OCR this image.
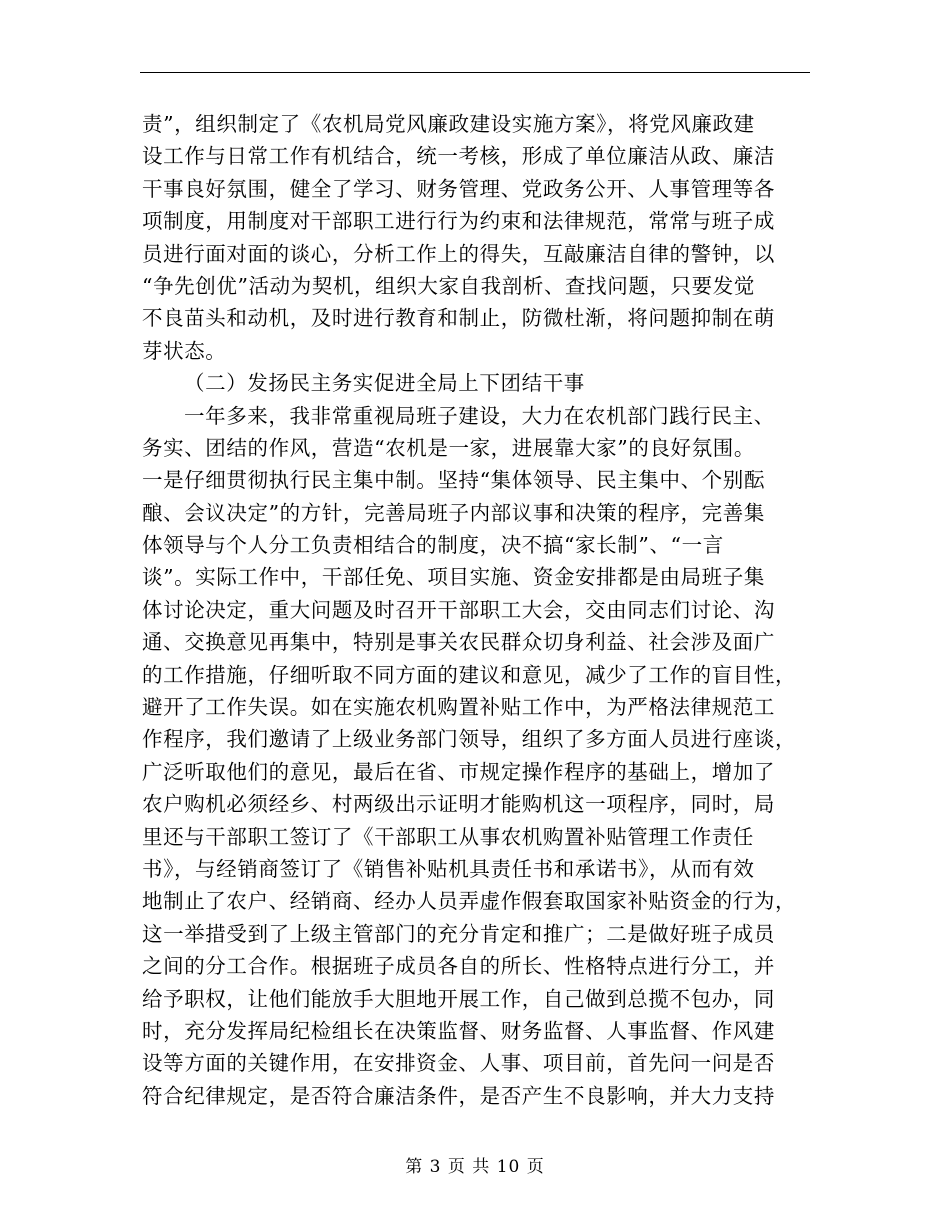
责”，组织制定了《农机局党风廉政建设实施方案》，将党风廉政建
设工作与日常工作有机结合，统一考核，形成了单位廉洁从政、廉洁
干事良好氛围，健全了学习、财务管理、党政务公开、人事管理等各
项制度，用制度对干部职工进行行为约束和法律规范，常常与班子成
员进行面对面的谈心，分析工作上的得失，互敲廉洁自律的警钟，以
“争先创优”活动为契机，组织大家自我剖析、查找问题，只要发觉
不良苗头和动机，及时进行教育和制止，防微杜渐，将问题抑制在萌
芽状态。
（二）发扬民主务实促进全局上下团结干事
一年多来，我非常重视局班子建设，大力在农机部门践行民主、
务实、团结的作风，营造“农机是一家，进展靠大家”的良好氛围。
一是仔细贯彻执行民主集中制。坚持“集体领导、民主集中、个别酝
酿、会议决定”的方针，完善局班子内部议事和决策的程序，完善集
体领导与个人分工负责相结合的制度，决不搞“家长制”、“一言
谈”。实际工作中，干部任免、项目实施、资金安排都是由局班子集
体讨论决定，重大问题及时召开干部职工大会，交由同志们讨论、沟
通、交换意见再集中，特别是事关农民群众切身利益、社会涉及面广
的工作措施，仔细听取不同方面的建议和意见，减少了工作的盲目性，
避开了工作失误。如在实施农机购置补贴工作中，为严格法律规范工
作程序，我们邀请了上级业务部门领导，组织了多方面人员进行座谈，
广泛听取他们的意见，最后在省、市规定操作程序的基础上，增加了
农户购机必须经乡、村两级出示证明才能购机这一项程序，同时，局
里还与干部职工签订了《干部职工从事农机购置补贴管理工作责任
书》，与经销商签订了《销售补贴机具责任书和承诺书》，从而有效
地制止了农户、经销商、经办人员弄虚作假套取国家补贴资金的行为，
这一举措受到了上级主管部门的充分肯定和推广；二是做好班子成员
之间的分工合作。根据班子成员各自的所长、性格特点进行分工，并
给予职权，让他们能放手大胆地开展工作，自己做到总揽不包办，同
时，充分发挥局纪检组长在决策监督、财务监督、人事监督、作风建
设等方面的关键作用，在安排资金、人事、项目前，首先问一问是否
符合纪律规定，是否符合廉洁条件，是否产生不良影响，并大力支持
第 3 页 共 10 页
